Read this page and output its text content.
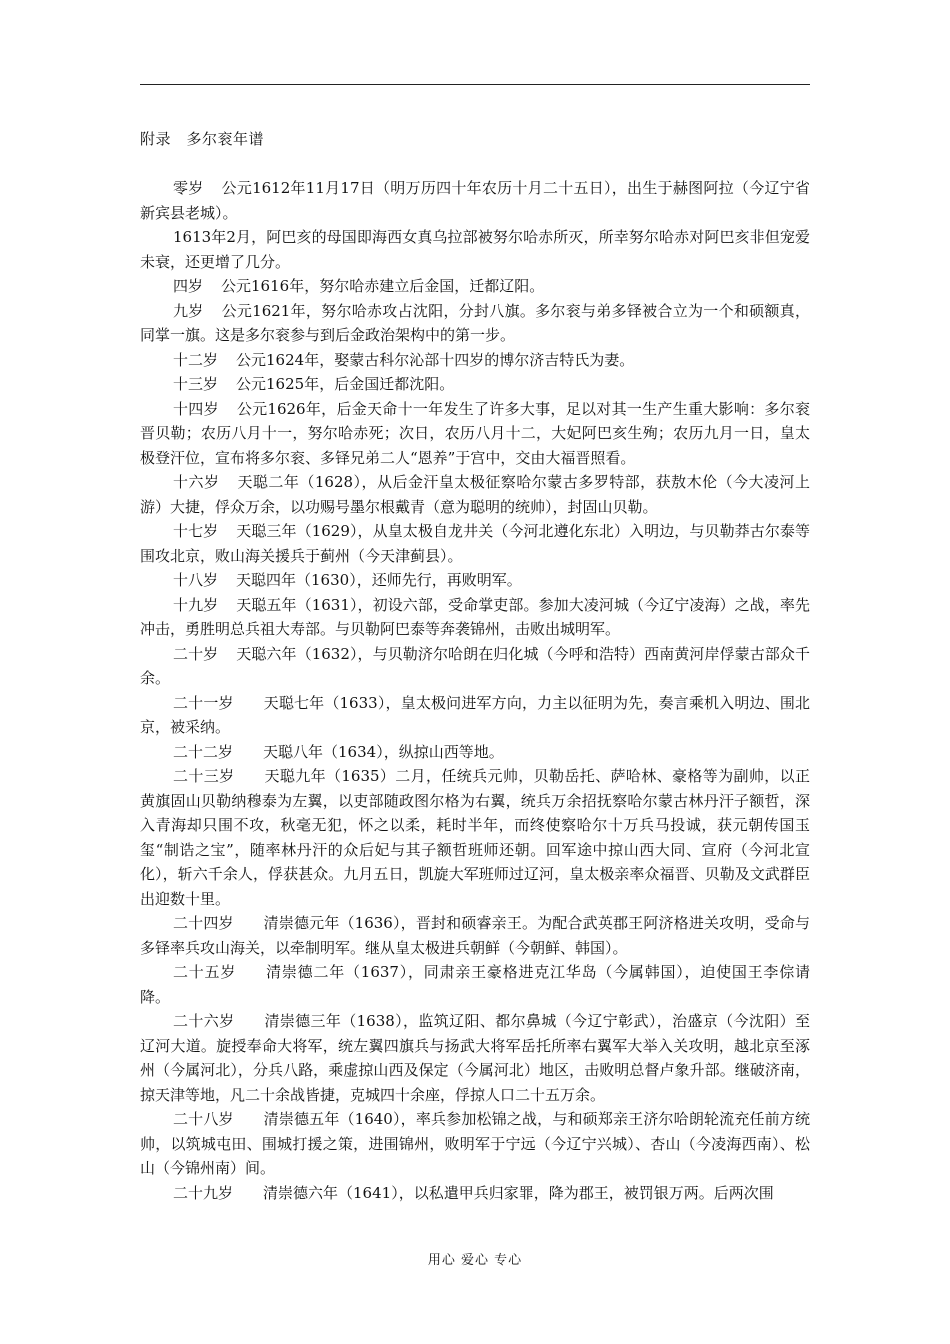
附录　多尔衮年谱

零岁 公元1612年11月17日（明万历四十年农历十月二十五日），出生于赫图阿拉（今辽宁省新宾县老城）。

1613年2月，阿巴亥的母国即海西女真乌拉部被努尔哈赤所灭，所幸努尔哈赤对阿巴亥非但宠爱未衰，还更增了几分。

四岁 公元1616年，努尔哈赤建立后金国，迁都辽阳。

九岁 公元1621年，努尔哈赤攻占沈阳，分封八旗。多尔衮与弟多铎被合立为一个和硕额真，同掌一旗。这是多尔衮参与到后金政治架构中的第一步。

十二岁 公元1624年，娶蒙古科尔沁部十四岁的博尔济吉特氏为妻。

十三岁 公元1625年，后金国迁都沈阳。

十四岁 公元1626年，后金天命十一年发生了许多大事，足以对其一生产生重大影响：多尔衮晋贝勒；农历八月十一，努尔哈赤死；次日，农历八月十二，大妃阿巴亥生殉；农历九月一日，皇太极登汗位，宣布将多尔衮、多铎兄弟二人“恩养”于宫中，交由大福晋照看。

十六岁 天聪二年（1628），从后金汗皇太极征察哈尔蒙古多罗特部，获敖木伦（今大凌河上游）大捷，俘众万余，以功赐号墨尔根戴青（意为聪明的统帅），封固山贝勒。

十七岁 天聪三年（1629），从皇太极自龙井关（今河北遵化东北）入明边，与贝勒莽古尔泰等围攻北京，败山海关援兵于蓟州（今天津蓟县）。

十八岁 天聪四年（1630），还师先行，再败明军。

十九岁 天聪五年（1631），初设六部，受命掌吏部。参加大凌河城（今辽宁凌海）之战，率先冲击，勇胜明总兵祖大寿部。与贝勒阿巴泰等奔袭锦州，击败出城明军。

二十岁 天聪六年（1632），与贝勒济尔哈朗在归化城（今呼和浩特）西南黄河岸俘蒙古部众千余。

二十一岁 天聪七年（1633），皇太极问进军方向，力主以征明为先，奏言乘机入明边、围北京，被采纳。

二十二岁 天聪八年（1634），纵掠山西等地。

二十三岁 天聪九年（1635）二月，任统兵元帅，贝勒岳托、萨哈林、豪格等为副帅，以正黄旗固山贝勒纳穆泰为左翼，以吏部随政图尔格为右翼，统兵万余招抚察哈尔蒙古林丹汗子额哲，深入青海却只围不攻，秋毫无犯，怀之以柔，耗时半年，而终使察哈尔十万兵马投诚，获元朝传国玉玺“制诰之宝”，随率林丹汗的众后妃与其子额哲班师还朝。回军途中掠山西大同、宣府（今河北宣化），斩六千余人，俘获甚众。九月五日，凯旋大军班师过辽河，皇太极亲率众福晋、贝勒及文武群臣出迎数十里。

二十四岁 清崇德元年（1636），晋封和硕睿亲王。为配合武英郡王阿济格进关攻明，受命与多铎率兵攻山海关，以牵制明军。继从皇太极进兵朝鲜（今朝鲜、韩国）。

二十五岁 清崇德二年（1637），同肃亲王豪格进克江华岛（今属韩国），迫使国王李倧请降。

二十六岁 清崇德三年（1638），监筑辽阳、都尔鼻城（今辽宁彰武），治盛京（今沈阳）至辽河大道。旋授奉命大将军，统左翼四旗兵与扬武大将军岳托所率右翼军大举入关攻明，越北京至涿州（今属河北），分兵八路，乘虚掠山西及保定（今属河北）地区，击败明总督卢象升部。继破济南，掠天津等地，凡二十余战皆捷，克城四十余座，俘掠人口二十五万余。

二十八岁 清崇德五年（1640），率兵参加松锦之战，与和硕郑亲王济尔哈朗轮流充任前方统帅，以筑城屯田、围城打援之策，进围锦州，败明军于宁远（今辽宁兴城）、杏山（今凌海西南）、松山（今锦州南）间。

二十九岁 清崇德六年（1641），以私遣甲兵归家罪，降为郡王，被罚银万两。后两次围

用心 爱心 专心
